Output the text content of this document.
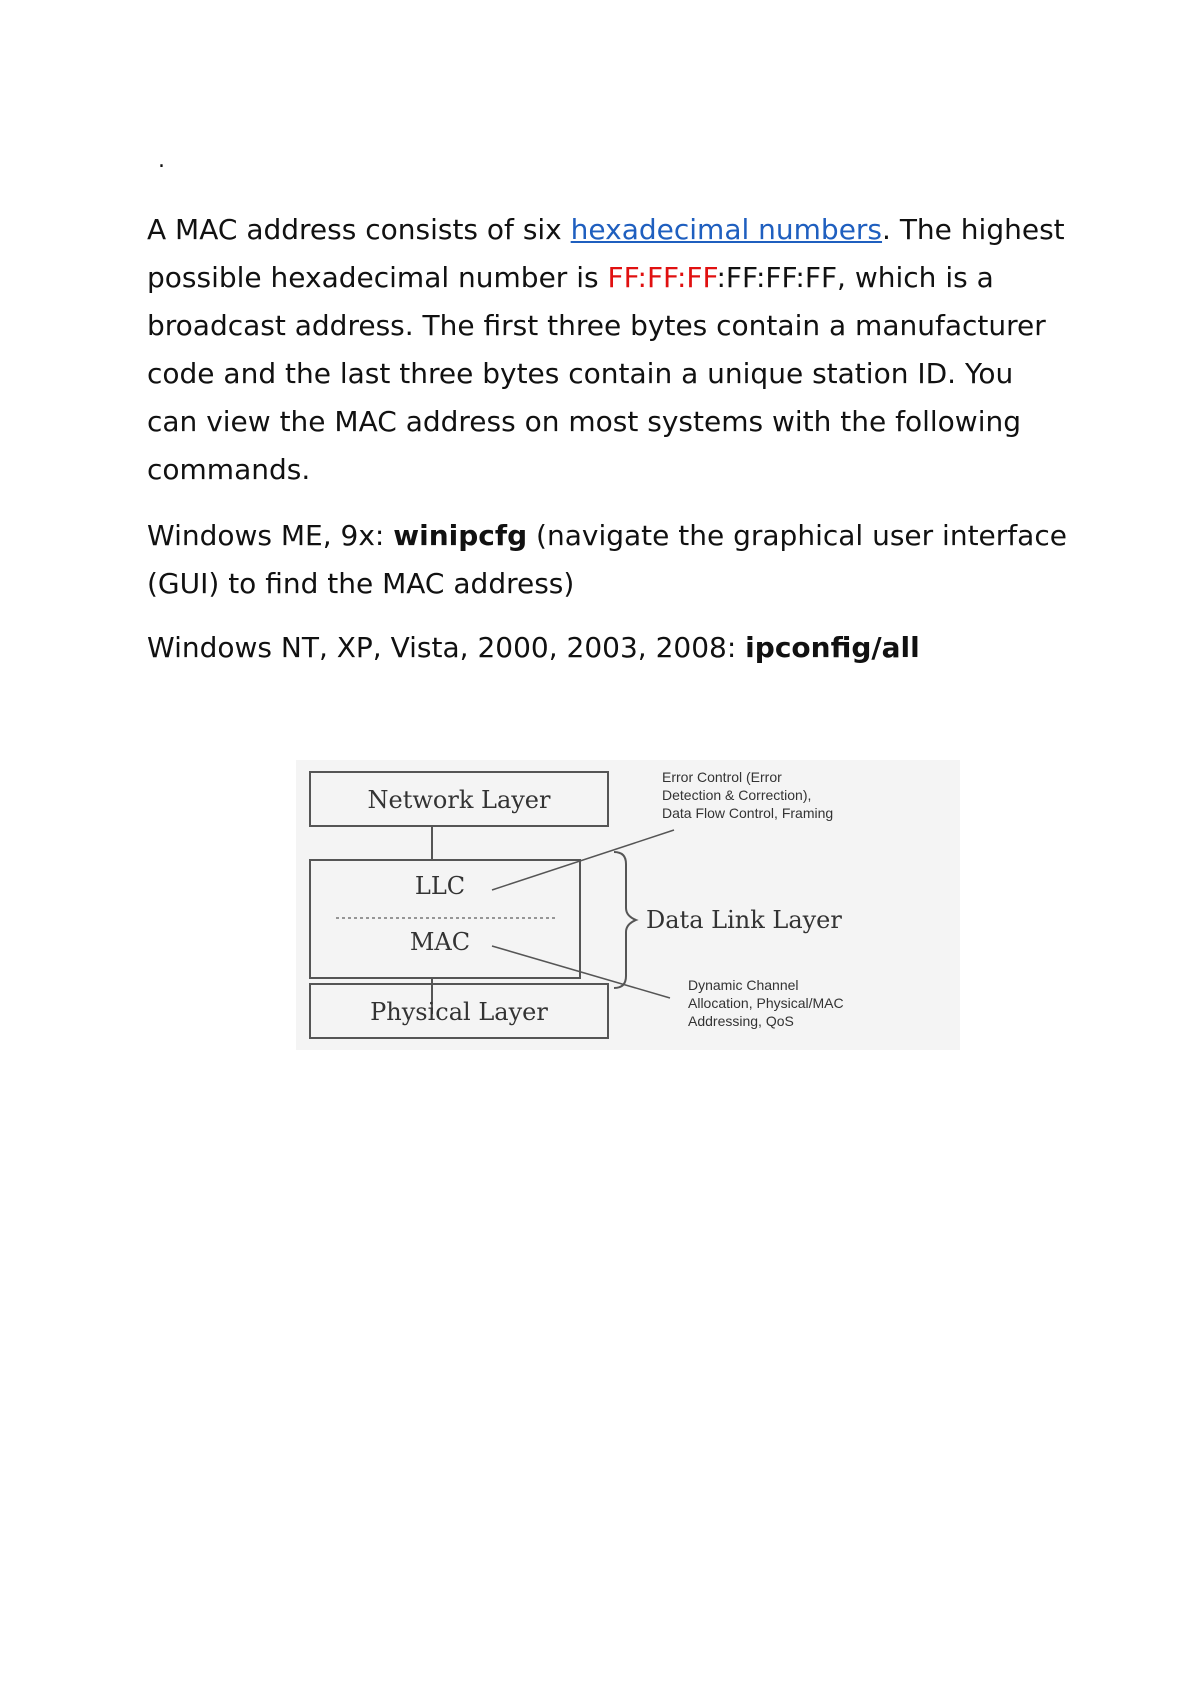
.
A MAC address consists of six hexadecimal numbers. The highest possible hexadecimal number is FF:FF:FF:FF:FF:FF, which is a broadcast address. The first three bytes contain a manufacturer code and the last three bytes contain a unique station ID. You can view the MAC address on most systems with the following commands.
Windows ME, 9x: winipcfg (navigate the graphical user interface (GUI) to find the MAC address)
Windows NT, XP, Vista, 2000, 2003, 2008: ipconfig/all
Network Layer
LLC
MAC
Physical Layer
Data Link Layer
Error Control (Error Detection & Correction), Data Flow Control, Framing
Dynamic Channel Allocation, Physical/MAC Addressing, QoS
